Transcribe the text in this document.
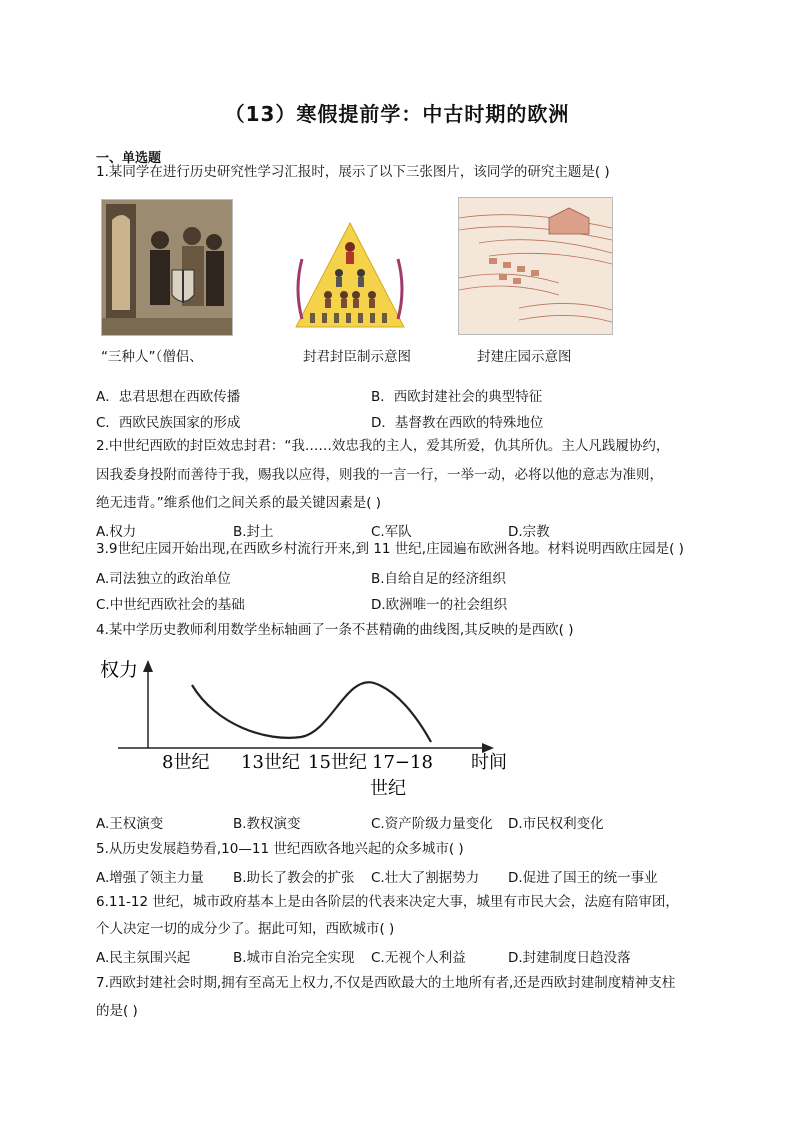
（13）寒假提前学：中古时期的欧洲
一、单选题
1.某同学在进行历史研究性学习汇报时，展示了以下三张图片，该同学的研究主题是( )
“三种人”（僧侣、	封君封臣制示意图	封建庄园示意图
A．忠君思想在西欧传播	B．西欧封建社会的典型特征
C．西欧民族国家的形成	D．基督教在西欧的特殊地位
2.中世纪西欧的封臣效忠封君：“我……效忠我的主人，爱其所爱，仇其所仇。主人凡践履协约，
因我委身投附而善待于我，赐我以应得，则我的一言一行，一举一动，必将以他的意志为准则，
绝无违背。”维系他们之间关系的最关键因素是( )
A.权力	B.封土	C.军队	D.宗教
3.9世纪庄园开始出现,在西欧乡村流行开来,到 11 世纪,庄园遍布欧洲各地。材料说明西欧庄园是( )
A.司法独立的政治单位	B.自给自足的经济组织
C.中世纪西欧社会的基础	D.欧洲唯一的社会组织
4.某中学历史教师利用数学坐标轴画了一条不甚精确的曲线图,其反映的是西欧( )
权力
8世纪 13世纪 15世纪 17−18 时间
世纪
A.王权演变	B.教权演变	C.资产阶级力量变化 D.市民权利变化
5.从历史发展趋势看,10—11 世纪西欧各地兴起的众多城市( )
A.增强了领主力量 B.助长了教会的扩张 C.壮大了割据势力 D.促进了国王的统一事业
6.11-12 世纪，城市政府基本上是由各阶层的代表来决定大事，城里有市民大会，法庭有陪审团，
个人决定一切的成分少了。据此可知，西欧城市( )
A.民主氛围兴起	B.城市自治完全实现 C.无视个人利益	D.封建制度日趋没落
7.西欧封建社会时期,拥有至高无上权力,不仅是西欧最大的土地所有者,还是西欧封建制度精神支柱
的是( )
